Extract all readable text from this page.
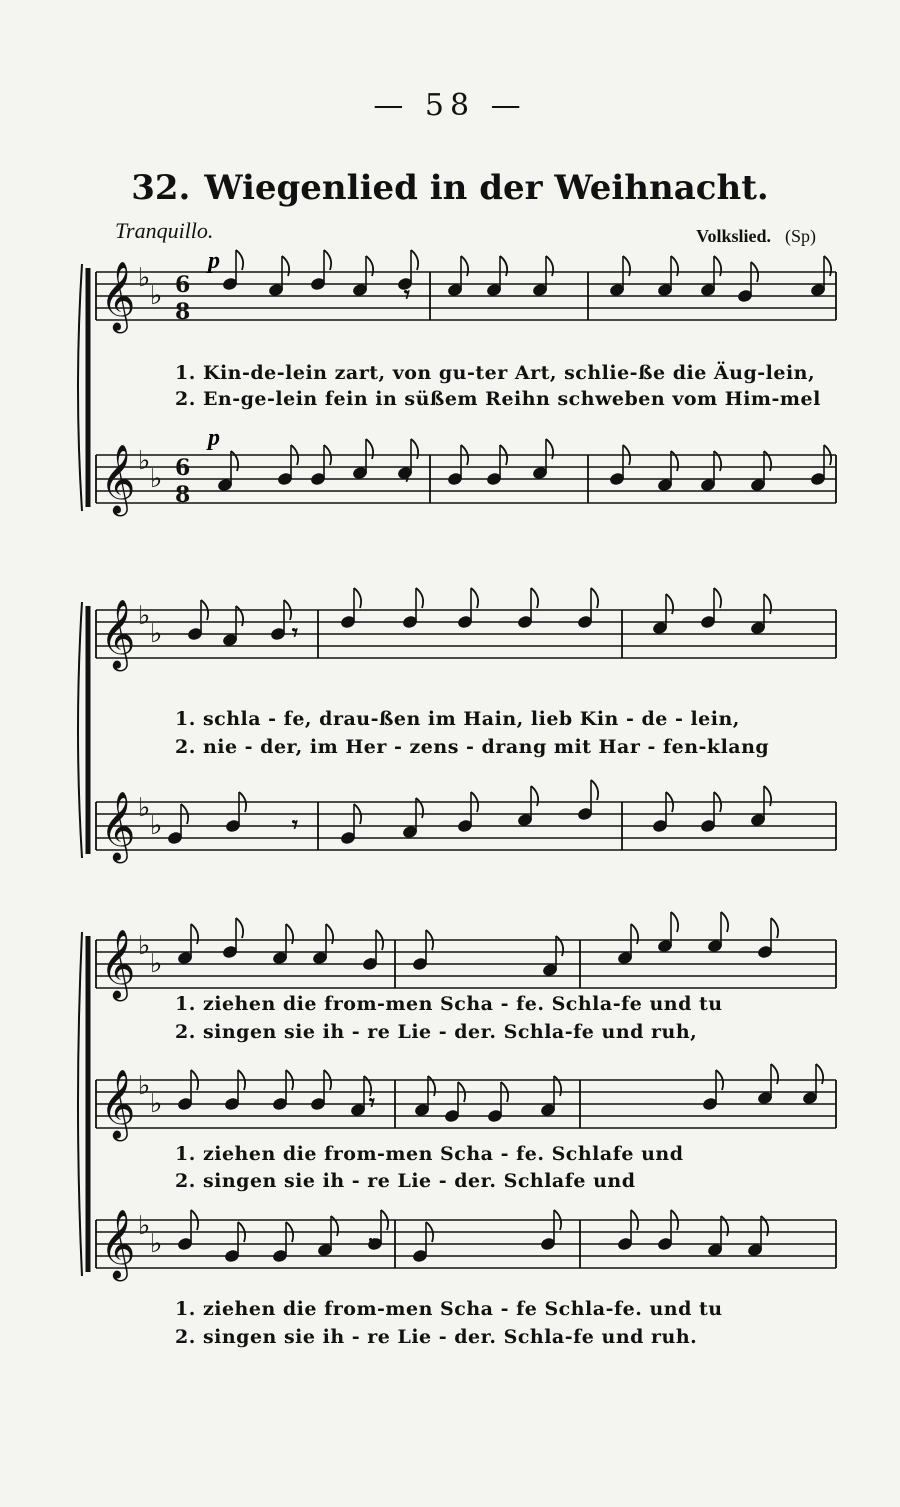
— 58 —
32. Wiegenlied in der Weihnacht.
Tranquillo.	Volkslied. (Sp)
𝄞 ♭
♭
𝄞 ♭
♭
𝄞 ♭
♭
𝄞 ♭
♭
𝄞 ♭
♭
𝄞 ♭
♭
𝄞 ♭
♭
𝄾
𝄾
𝄾
𝄾
𝄾
𝄾
𝄾
p
p
6
8
6
8
1. Kin-de-lein zart, von gu-ter Art, schlie-ße die Äug-lein,
2. En-ge-lein fein in süßem Reihn schweben vom Him-mel
1. schla - fe, drau-ßen im Hain, lieb Kin - de - lein,
2. nie - der, im Her - zens - drang mit Har - fen-klang
1. ziehen die from-men Scha - fe. Schla-fe und tu
2. singen sie ih - re Lie - der. Schla-fe und ruh,
1. ziehen die from-men Scha - fe. Schlafe und
2. singen sie ih - re Lie - der. Schlafe und
1. ziehen die from-men Scha - fe Schla-fe. und tu
2. singen sie ih - re Lie - der. Schla-fe und ruh.
